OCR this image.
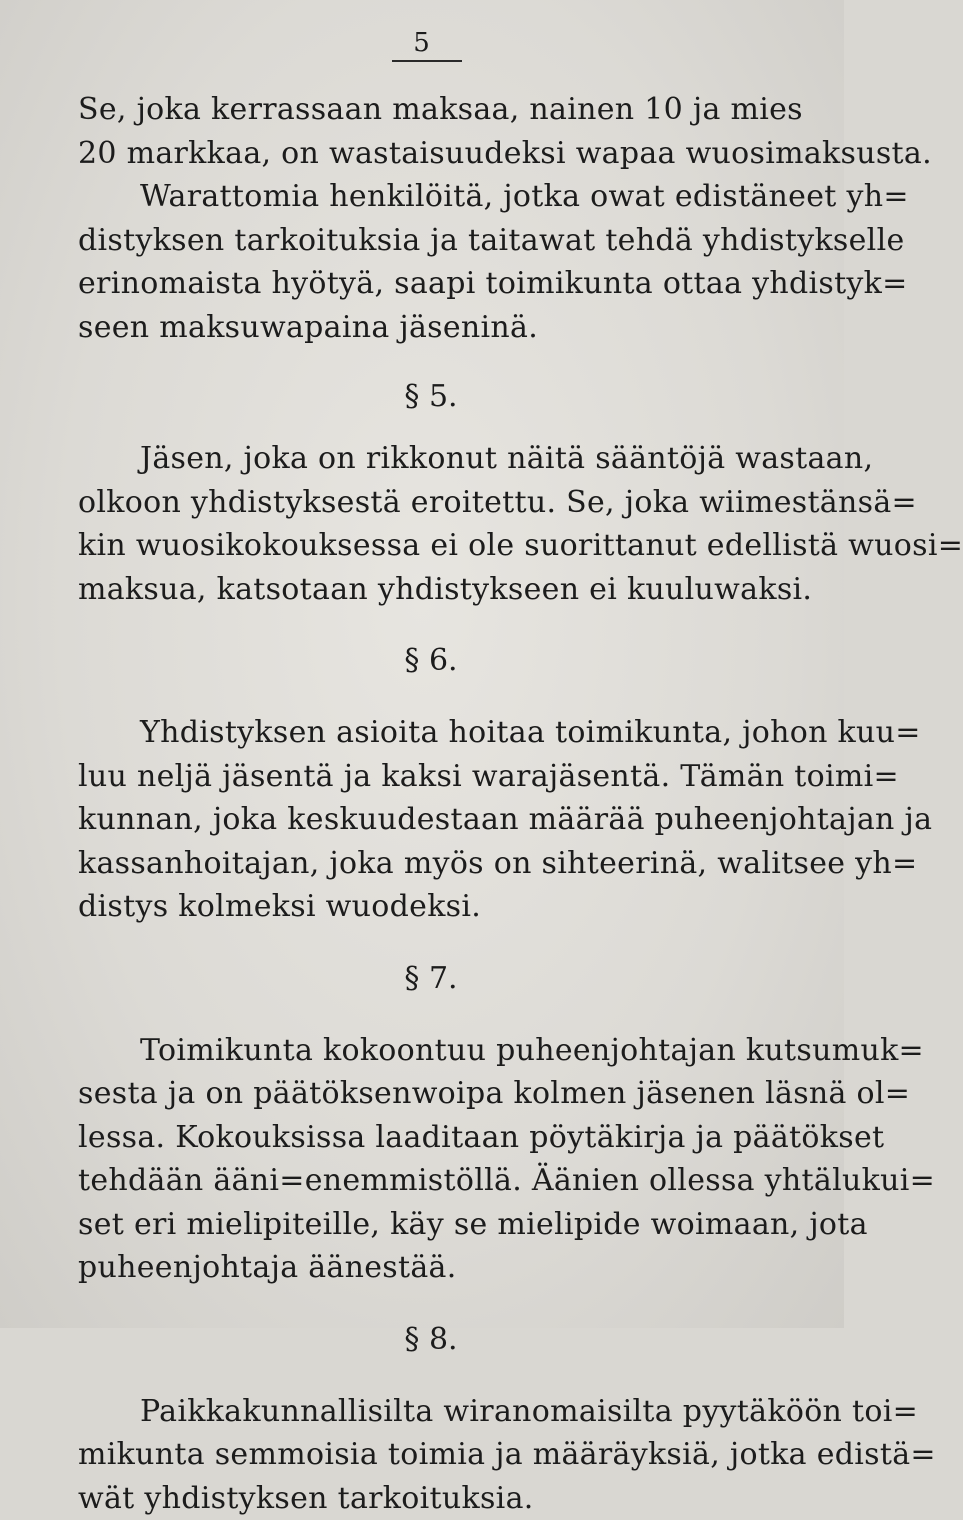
5
Se, joka kerrassaan maksaa, nainen 10 ja mies
20 markkaa, on wastaisuudeksi wapaa wuosimaksusta.
Warattomia henkilöitä, jotka owat edistäneet yh=
distyksen tarkoituksia ja taitawat tehdä yhdistykselle
erinomaista hyötyä, saapi toimikunta ottaa yhdistyk=
seen maksuwapaina jäseninä.
§ 5.
Jäsen, joka on rikkonut näitä sääntöjä wastaan,
olkoon yhdistyksestä eroitettu. Se, joka wiimestänsä=
kin wuosikokouksessa ei ole suorittanut edellistä wuosi=
maksua, katsotaan yhdistykseen ei kuuluwaksi.
§ 6.
Yhdistyksen asioita hoitaa toimikunta, johon kuu=
luu neljä jäsentä ja kaksi warajäsentä. Tämän toimi=
kunnan, joka keskuudestaan määrää puheenjohtajan ja
kassanhoitajan, joka myös on sihteerinä, walitsee yh=
distys kolmeksi wuodeksi.
§ 7.
Toimikunta kokoontuu puheenjohtajan kutsumuk=
sesta ja on päätöksenwoipa kolmen jäsenen läsnä ol=
lessa. Kokouksissa laaditaan pöytäkirja ja päätökset
tehdään ääni=enemmistöllä. Äänien ollessa yhtälukui=
set eri mielipiteille, käy se mielipide woimaan, jota
puheenjohtaja äänestää.
§ 8.
Paikkakunnallisilta wiranomaisilta pyytäköön toi=
mikunta semmoisia toimia ja määräyksiä, jotka edistä=
wät yhdistyksen tarkoituksia.
